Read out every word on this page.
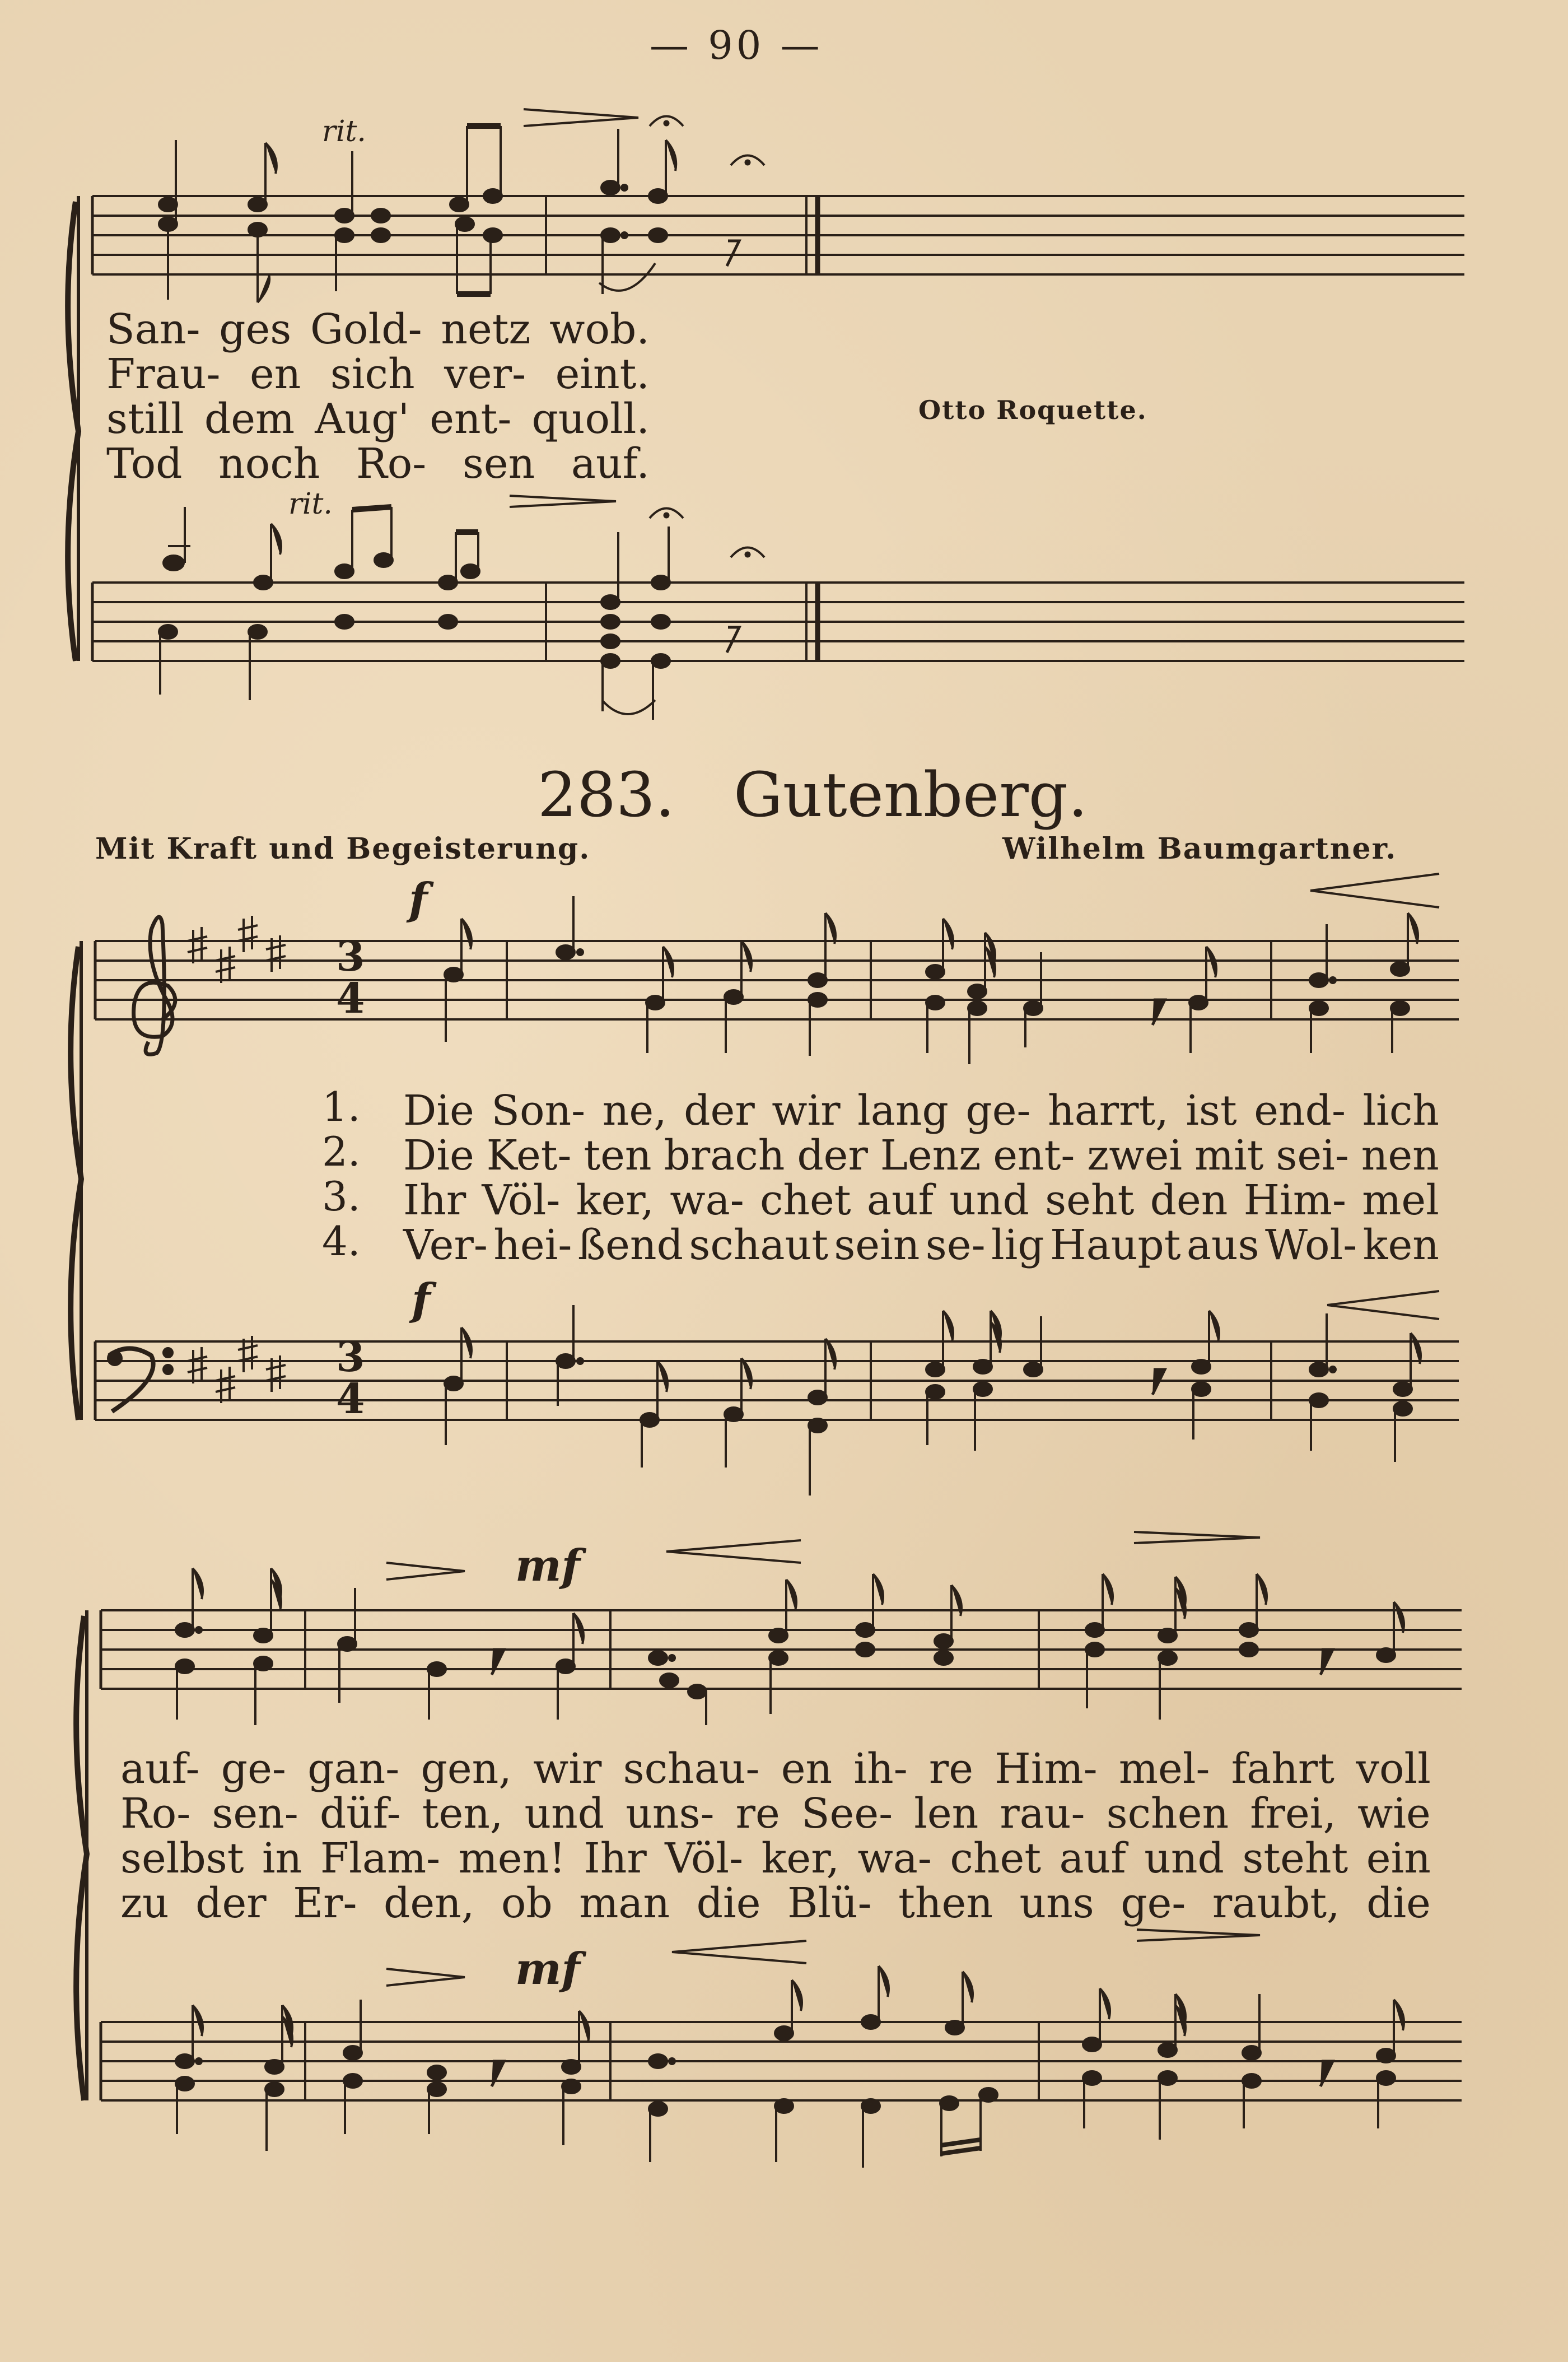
— 90 —
rit.
rit.
San- ges Gold- netz wob.
Frau- en sich ver- eint.
still dem Aug' ent- quoll.
Tod noch Ro- sen auf.
Otto Roquette.
283. Gutenberg.
Mit Kraft und Begeisterung.	Wilhelm Baumgartner.
3
4
3
4
f
f
mf
mf
1.
2.
3.
4.
Die Son- ne, der wir lang ge- harrt, ist end- lich
Die Ket- ten brach der Lenz ent- zwei mit sei- nen
Ihr Völ- ker, wa- chet auf und seht den Him- mel
Ver- hei- ßend schaut sein se- lig Haupt aus Wol- ken
auf- ge- gan- gen, wir schau- en ih- re Him- mel- fahrt voll
Ro- sen- düf- ten, und uns- re See- len rau- schen frei, wie
selbst in Flam- men! Ihr Völ- ker, wa- chet auf und steht ein
zu der Er- den, ob man die Blü- then uns ge- raubt, die
